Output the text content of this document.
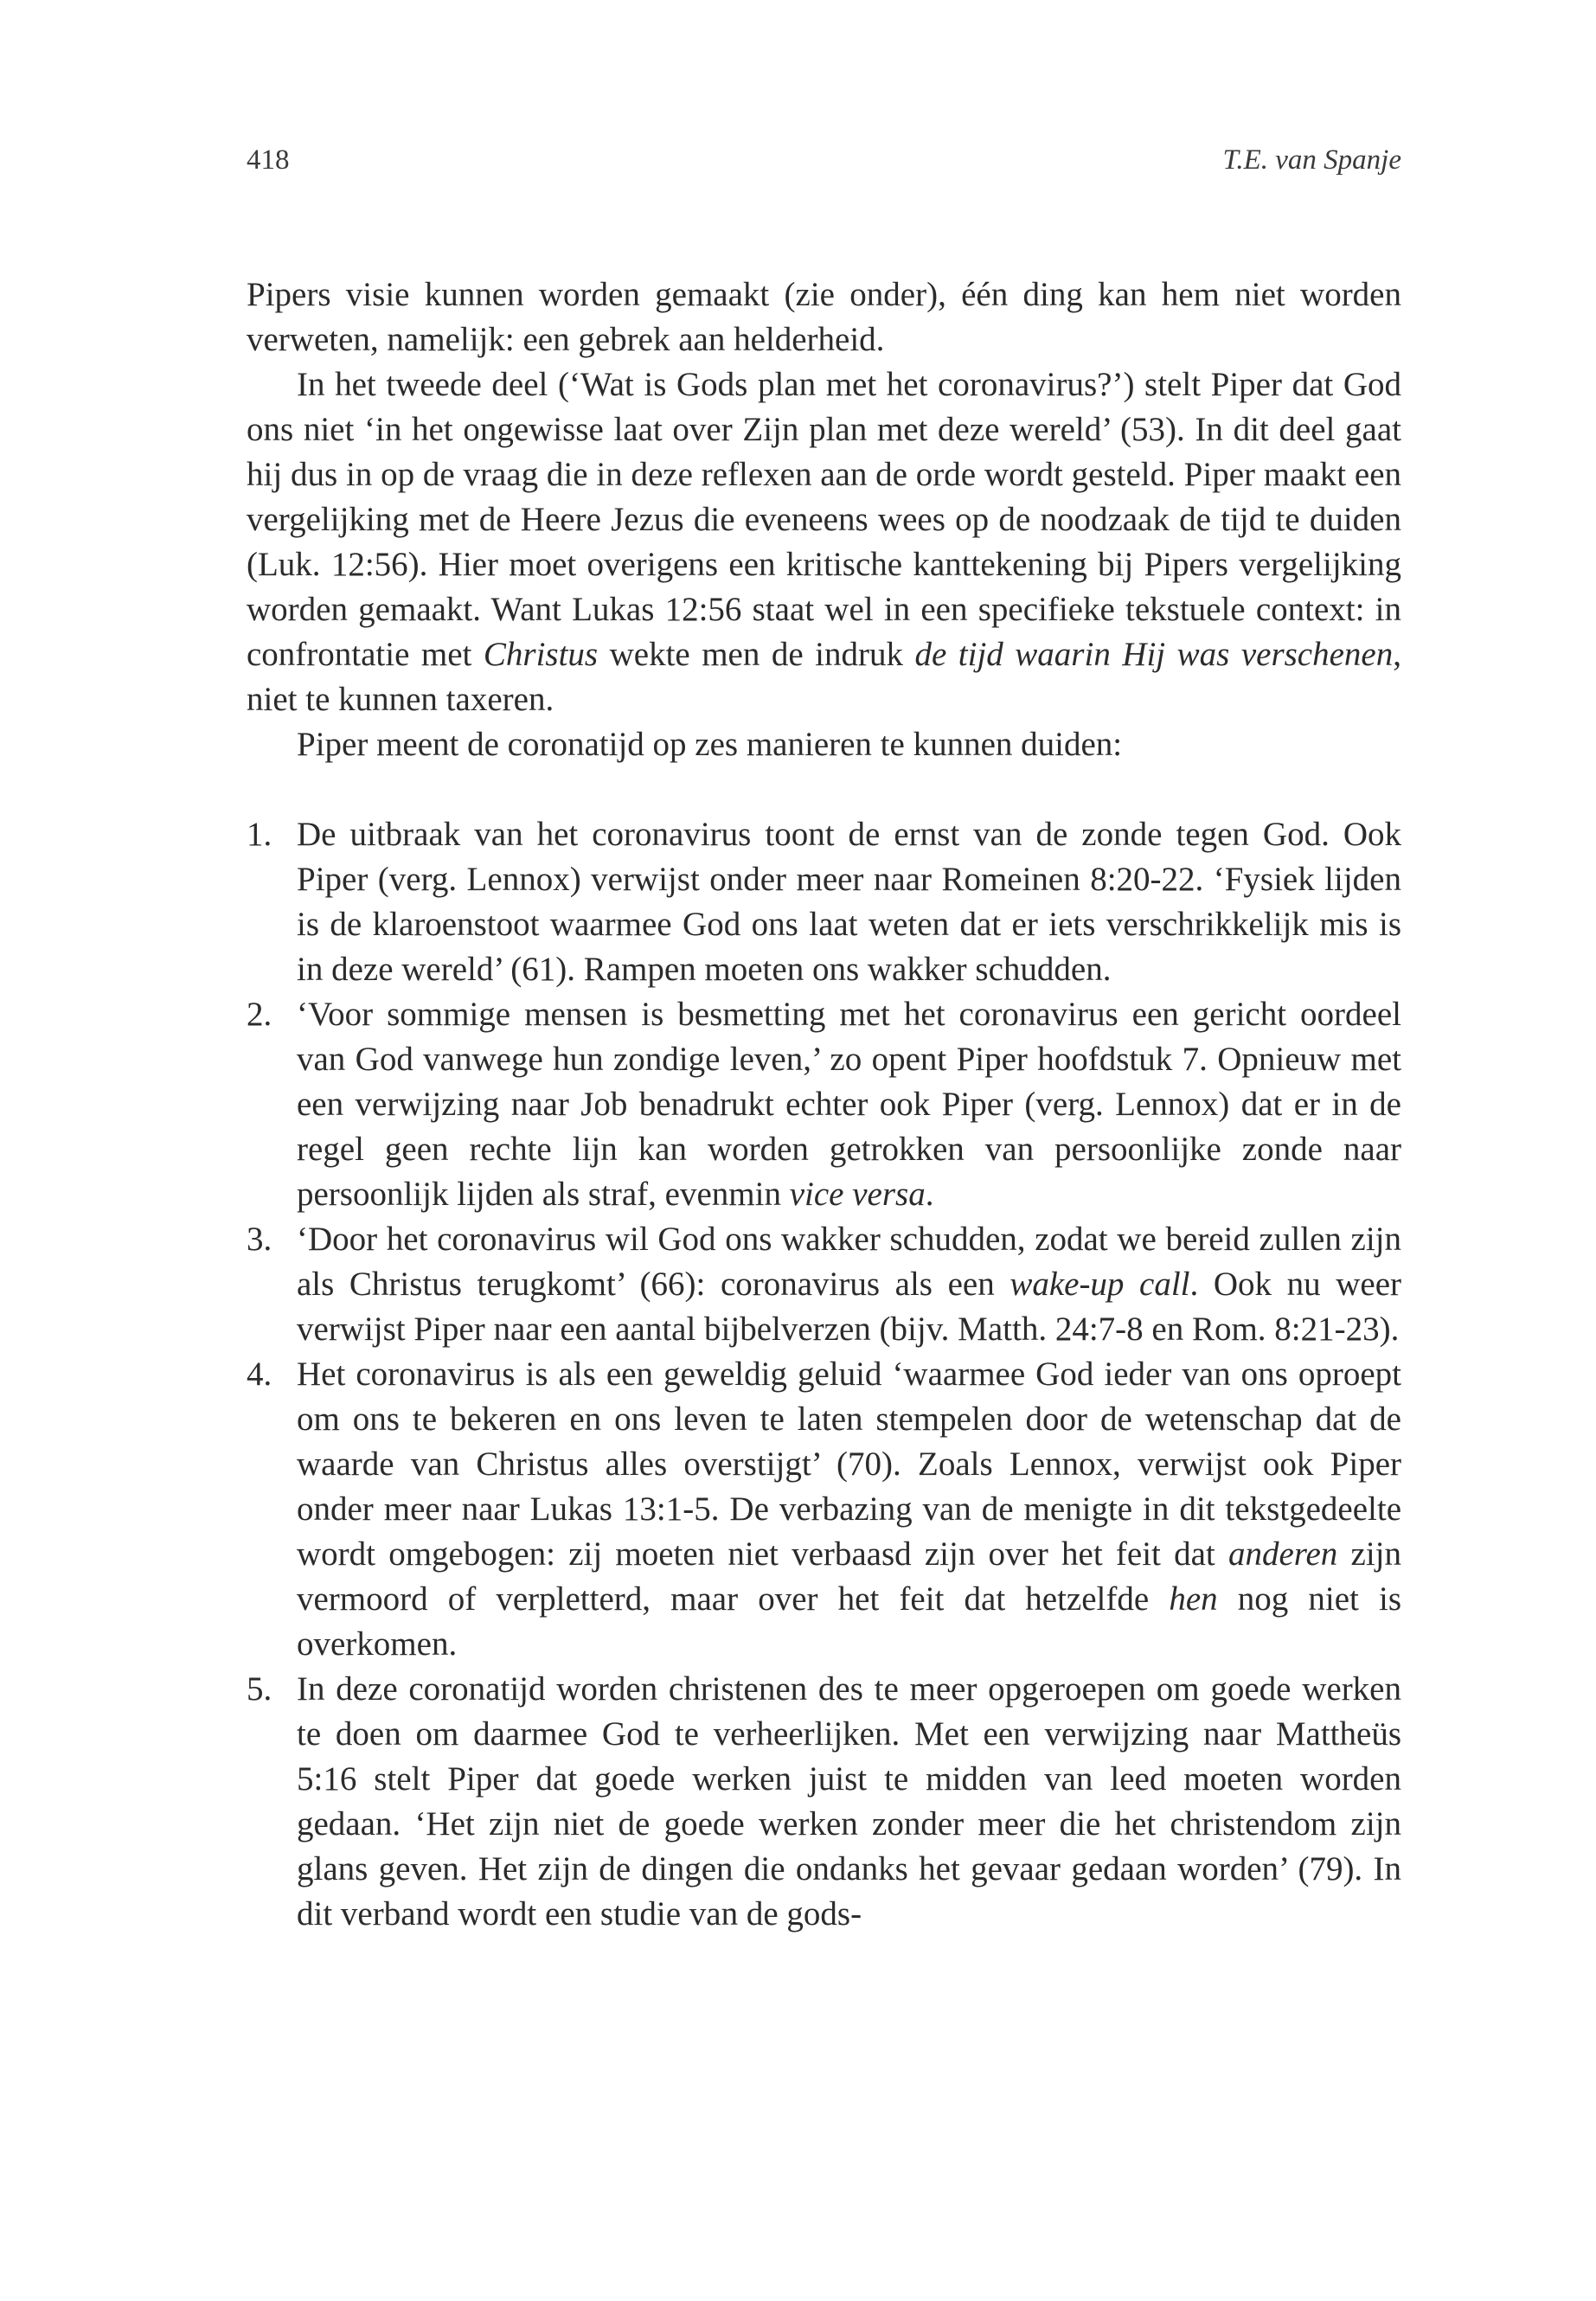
418	T.E. van Spanje

Pipers visie kunnen worden gemaakt (zie onder), één ding kan hem niet worden verweten, namelijk: een gebrek aan helderheid.

In het tweede deel (‘Wat is Gods plan met het coronavirus?’) stelt Piper dat God ons niet ‘in het ongewisse laat over Zijn plan met deze wereld’ (53). In dit deel gaat hij dus in op de vraag die in deze reflexen aan de orde wordt gesteld. Piper maakt een vergelijking met de Heere Jezus die eveneens wees op de noodzaak de tijd te duiden (Luk. 12:56). Hier moet overigens een kritische kanttekening bij Pipers vergelijking worden gemaakt. Want Lukas 12:56 staat wel in een specifieke tekstuele context: in confrontatie met Christus wekte men de indruk de tijd waarin Hij was verschenen, niet te kunnen taxeren.

Piper meent de coronatijd op zes manieren te kunnen duiden:

1. De uitbraak van het coronavirus toont de ernst van de zonde tegen God. Ook Piper (verg. Lennox) verwijst onder meer naar Romeinen 8:20-22. ‘Fysiek lijden is de klaroenstoot waarmee God ons laat weten dat er iets verschrikkelijk mis is in deze wereld’ (61). Rampen moeten ons wakker schudden.
2. ‘Voor sommige mensen is besmetting met het coronavirus een gericht oordeel van God vanwege hun zondige leven,’ zo opent Piper hoofdstuk 7. Opnieuw met een verwijzing naar Job benadrukt echter ook Piper (verg. Lennox) dat er in de regel geen rechte lijn kan worden getrokken van persoonlijke zonde naar persoonlijk lijden als straf, evenmin vice versa.
3. ‘Door het coronavirus wil God ons wakker schudden, zodat we bereid zullen zijn als Christus terugkomt’ (66): coronavirus als een wake-up call. Ook nu weer verwijst Piper naar een aantal bijbelverzen (bijv. Matth. 24:7-8 en Rom. 8:21-23).
4. Het coronavirus is als een geweldig geluid ‘waarmee God ieder van ons oproept om ons te bekeren en ons leven te laten stempelen door de wetenschap dat de waarde van Christus alles overstijgt’ (70). Zoals Lennox, verwijst ook Piper onder meer naar Lukas 13:1-5. De verbazing van de menigte in dit tekstgedeelte wordt omgebogen: zij moeten niet verbaasd zijn over het feit dat anderen zijn vermoord of verpletterd, maar over het feit dat hetzelfde hen nog niet is overkomen.
5. In deze coronatijd worden christenen des te meer opgeroepen om goede werken te doen om daarmee God te verheerlijken. Met een verwijzing naar Mattheüs 5:16 stelt Piper dat goede werken juist te midden van leed moeten worden gedaan. ‘Het zijn niet de goede werken zonder meer die het christendom zijn glans geven. Het zijn de dingen die ondanks het gevaar gedaan worden’ (79). In dit verband wordt een studie van de gods-
